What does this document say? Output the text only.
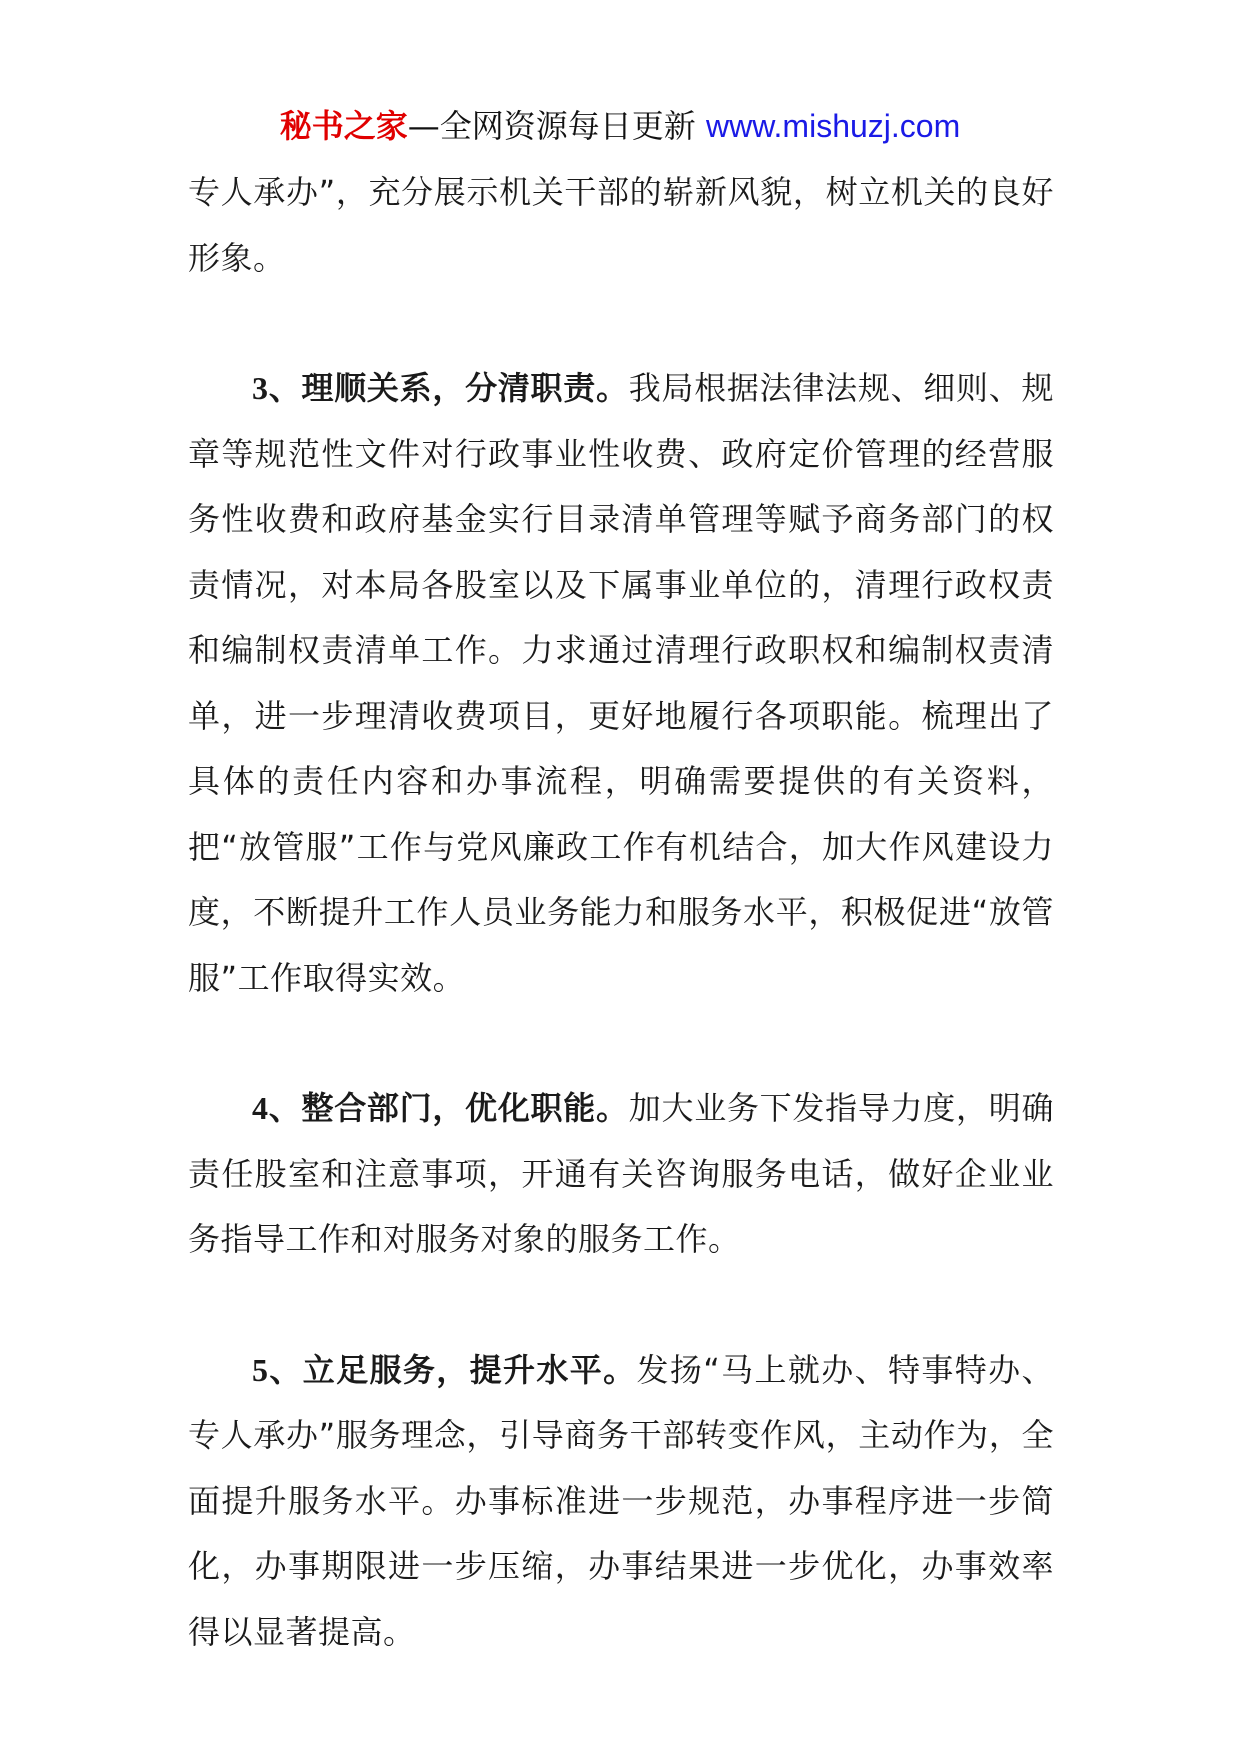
秘书之家—全网资源每日更新 www.mishuzj.com

专人承办”，充分展示机关干部的崭新风貌，树立机关的良好形象。

3、理顺关系，分清职责。我局根据法律法规、细则、规章等规范性文件对行政事业性收费、政府定价管理的经营服务性收费和政府基金实行目录清单管理等赋予商务部门的权责情况，对本局各股室以及下属事业单位的，清理行政权责和编制权责清单工作。力求通过清理行政职权和编制权责清单，进一步理清收费项目，更好地履行各项职能。梳理出了具体的责任内容和办事流程，明确需要提供的有关资料，把“放管服”工作与党风廉政工作有机结合，加大作风建设力度，不断提升工作人员业务能力和服务水平，积极促进“放管服”工作取得实效。

4、整合部门，优化职能。加大业务下发指导力度，明确责任股室和注意事项，开通有关咨询服务电话，做好企业业务指导工作和对服务对象的服务工作。

5、立足服务，提升水平。发扬“马上就办、特事特办、专人承办”服务理念，引导商务干部转变作风，主动作为，全面提升服务水平。办事标准进一步规范，办事程序进一步简化，办事期限进一步压缩，办事结果进一步优化，办事效率得以显著提高。
